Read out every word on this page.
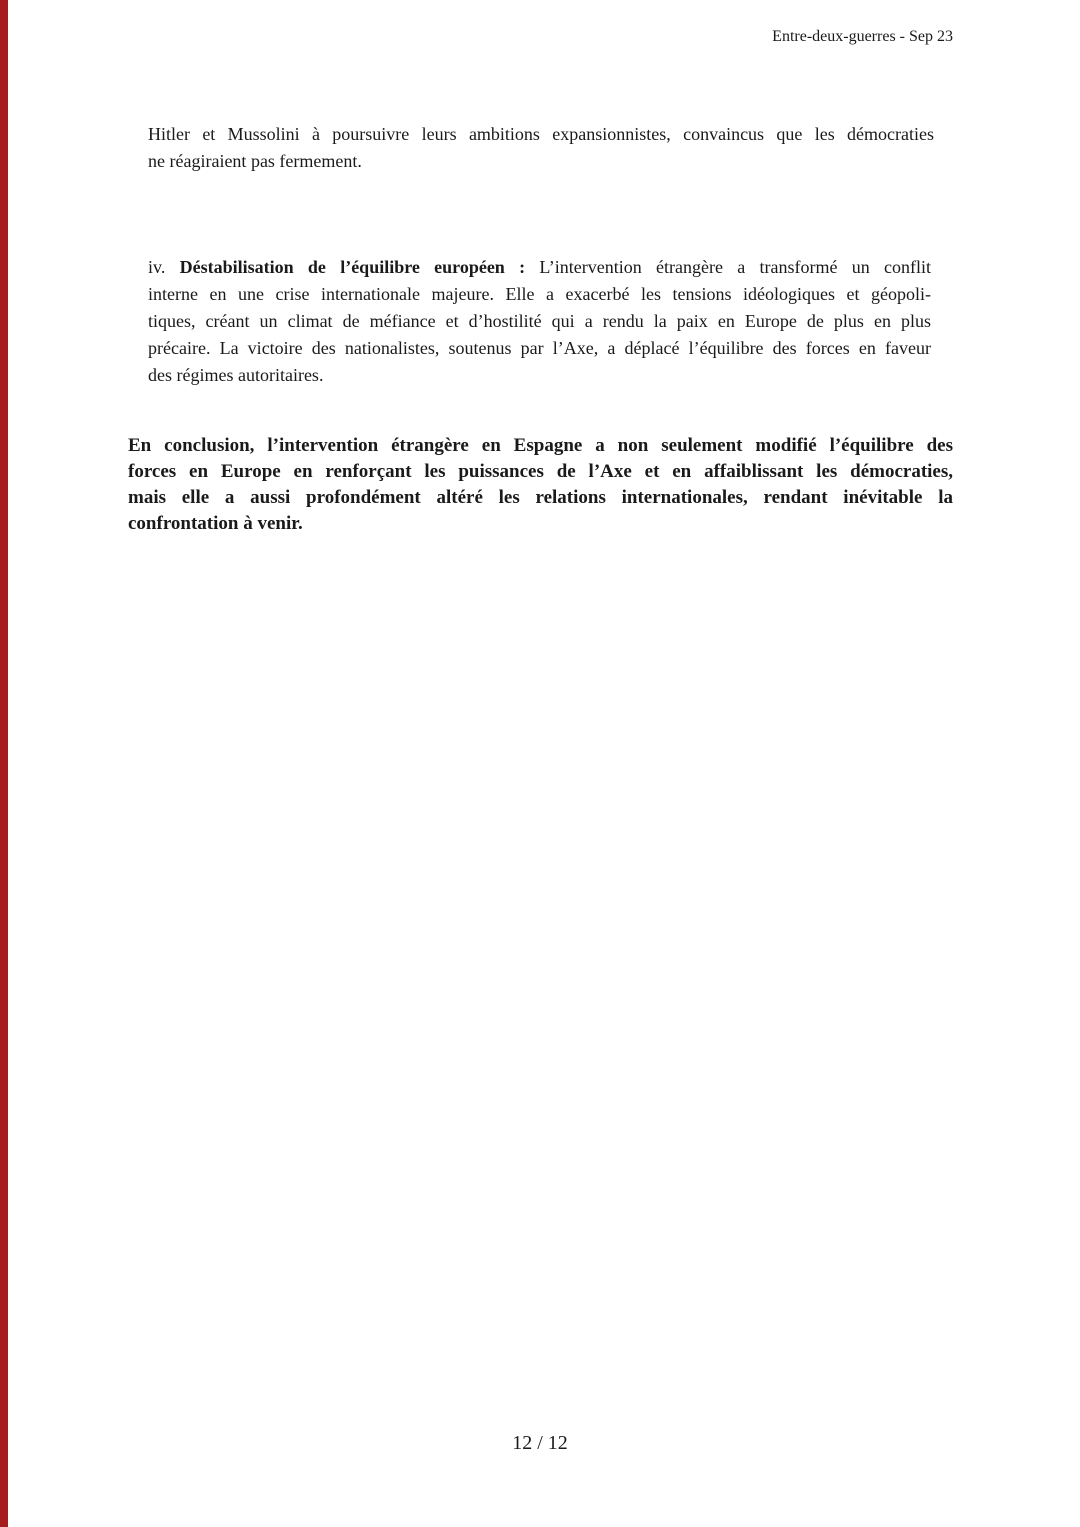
Entre-deux-guerres - Sep 23
Hitler et Mussolini à poursuivre leurs ambitions expansionnistes, convaincus que les démocraties
ne réagiraient pas fermement.
iv. Déstabilisation de l’équilibre européen : L’intervention étrangère a transformé un conflit
interne en une crise internationale majeure. Elle a exacerbé les tensions idéologiques et géopoli-
tiques, créant un climat de méfiance et d’hostilité qui a rendu la paix en Europe de plus en plus
précaire. La victoire des nationalistes, soutenus par l’Axe, a déplacé l’équilibre des forces en faveur
des régimes autoritaires.
En conclusion, l’intervention étrangère en Espagne a non seulement modifié l’équilibre des
forces en Europe en renforçant les puissances de l’Axe et en affaiblissant les démocraties,
mais elle a aussi profondément altéré les relations internationales, rendant inévitable la
confrontation à venir.
12 / 12
